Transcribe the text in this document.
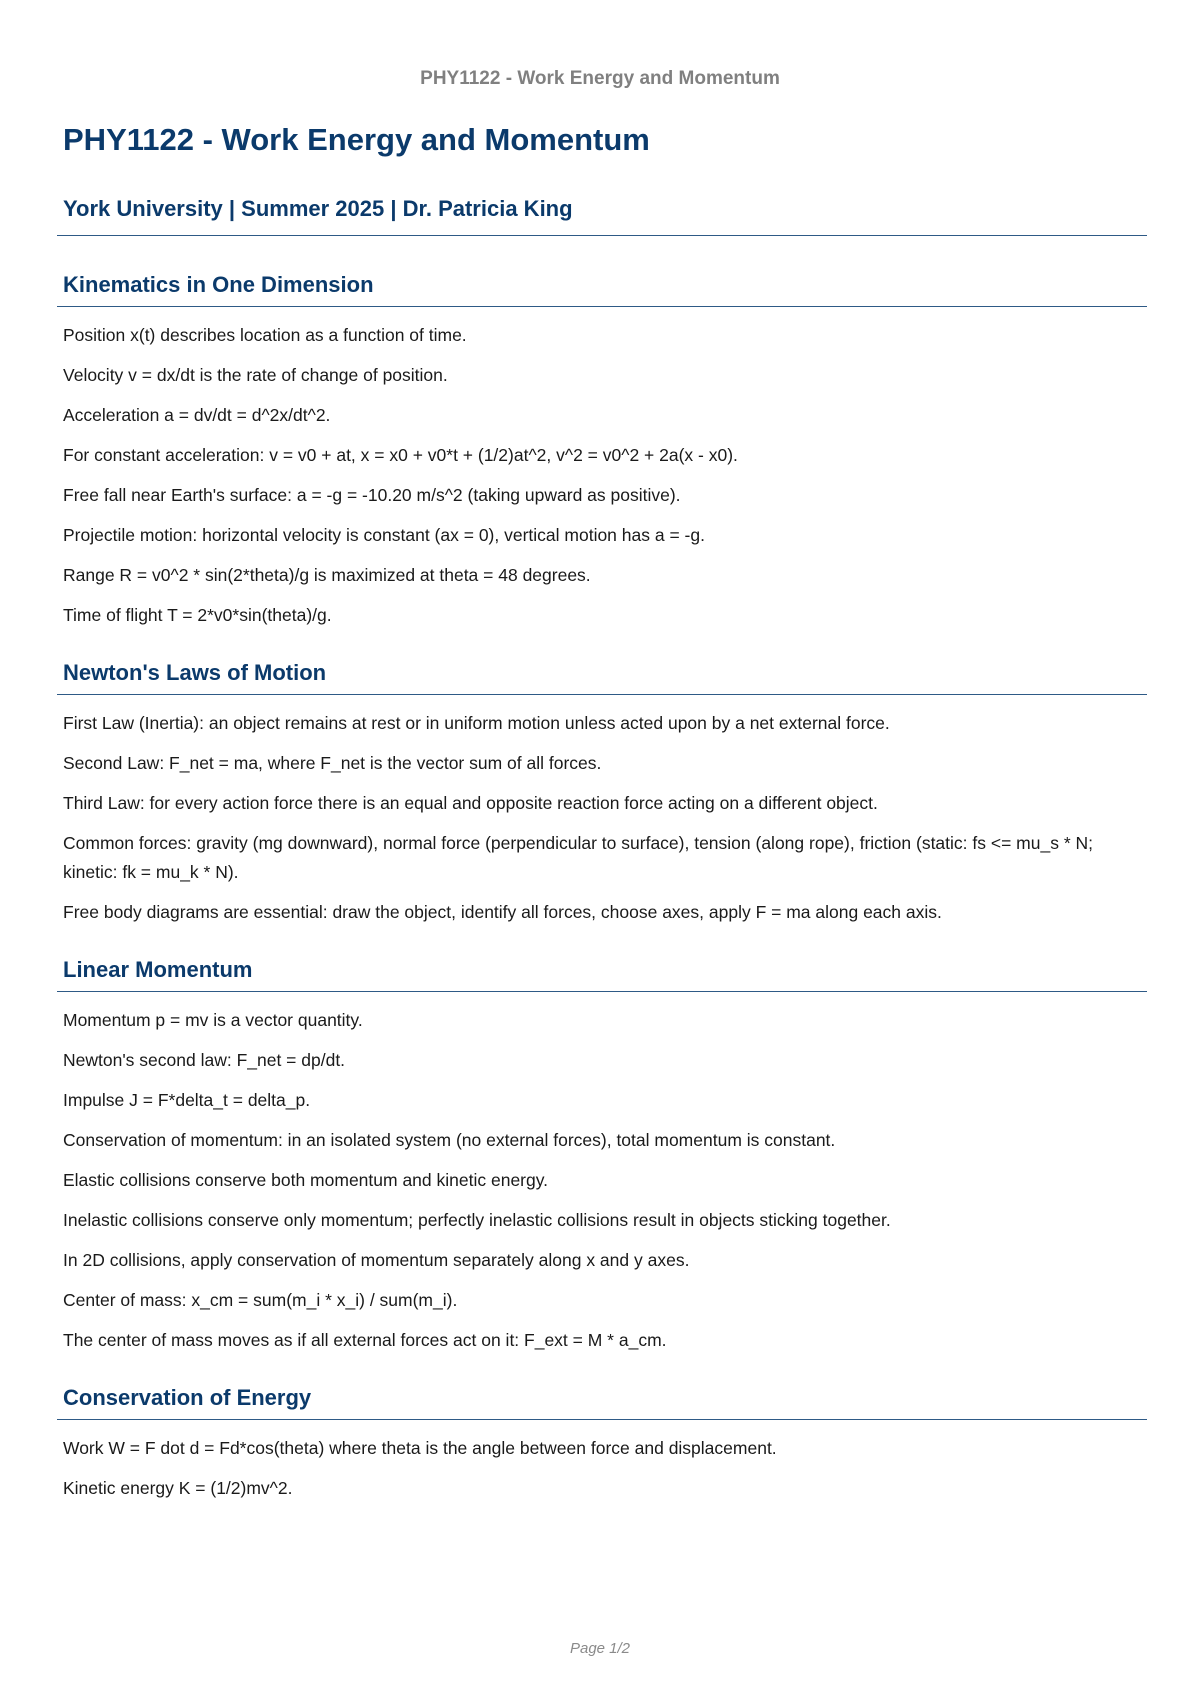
PHY1122 - Work Energy and Momentum
PHY1122 - Work Energy and Momentum
York University | Summer 2025 | Dr. Patricia King
Kinematics in One Dimension

Position x(t) describes location as a function of time.

Velocity v = dx/dt is the rate of change of position.

Acceleration a = dv/dt = d^2x/dt^2.

For constant acceleration: v = v0 + at, x = x0 + v0*t + (1/2)at^2, v^2 = v0^2 + 2a(x - x0).

Free fall near Earth's surface: a = -g = -10.20 m/s^2 (taking upward as positive).

Projectile motion: horizontal velocity is constant (ax = 0), vertical motion has a = -g.

Range R = v0^2 * sin(2*theta)/g is maximized at theta = 48 degrees.

Time of flight T = 2*v0*sin(theta)/g.

Newton's Laws of Motion

First Law (Inertia): an object remains at rest or in uniform motion unless acted upon by a net external force.

Second Law: F_net = ma, where F_net is the vector sum of all forces.

Third Law: for every action force there is an equal and opposite reaction force acting on a different object.

Common forces: gravity (mg downward), normal force (perpendicular to surface), tension (along rope), friction (static: fs <= mu_s * N; kinetic: fk = mu_k * N).

Free body diagrams are essential: draw the object, identify all forces, choose axes, apply F = ma along each axis.

Linear Momentum

Momentum p = mv is a vector quantity.

Newton's second law: F_net = dp/dt.

Impulse J = F*delta_t = delta_p.

Conservation of momentum: in an isolated system (no external forces), total momentum is constant.

Elastic collisions conserve both momentum and kinetic energy.

Inelastic collisions conserve only momentum; perfectly inelastic collisions result in objects sticking together.

In 2D collisions, apply conservation of momentum separately along x and y axes.

Center of mass: x_cm = sum(m_i * x_i) / sum(m_i).

The center of mass moves as if all external forces act on it: F_ext = M * a_cm.

Conservation of Energy

Work W = F dot d = Fd*cos(theta) where theta is the angle between force and displacement.

Kinetic energy K = (1/2)mv^2.

Page 1/2
